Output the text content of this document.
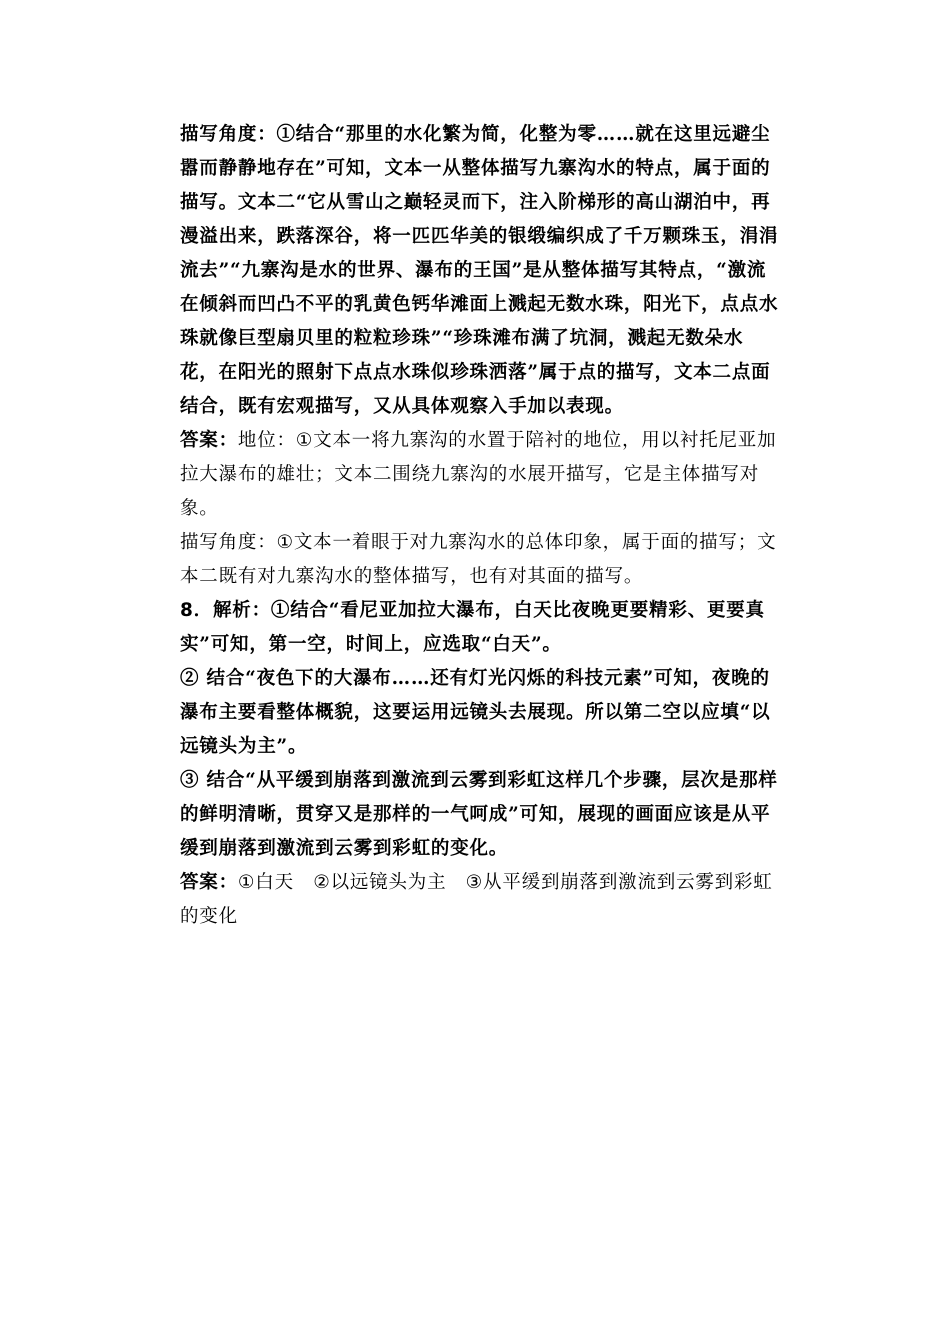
描写角度：①结合“那里的水化繁为简，化整为零……就在这里远避尘嚣而静静地存在”可知，文本一从整体描写九寨沟水的特点，属于面的描写。文本二“它从雪山之巅轻灵而下，注入阶梯形的高山湖泊中，再漫溢出来，跌落深谷，将一匹匹华美的银缎编织成了千万颗珠玉，涓涓流去”“九寨沟是水的世界、瀑布的王国”是从整体描写其特点，“激流在倾斜而凹凸不平的乳黄色钙华滩面上溅起无数水珠，阳光下，点点水珠就像巨型扇贝里的粒粒珍珠”“珍珠滩布满了坑洞，溅起无数朵水花，在阳光的照射下点点水珠似珍珠洒落”属于点的描写，文本二点面结合，既有宏观描写，又从具体观察入手加以表现。

答案：地位：①文本一将九寨沟的水置于陪衬的地位，用以衬托尼亚加拉大瀑布的雄壮；文本二围绕九寨沟的水展开描写，它是主体描写对象。

描写角度：①文本一着眼于对九寨沟水的总体印象，属于面的描写；文本二既有对九寨沟水的整体描写，也有对其面的描写。

8．解析：①结合“看尼亚加拉大瀑布，白天比夜晚更要精彩、更要真实”可知，第一空，时间上，应选取“白天”。

② 结合“夜色下的大瀑布……还有灯光闪烁的科技元素”可知，夜晚的瀑布主要看整体概貌，这要运用远镜头去展现。所以第二空以应填“以远镜头为主”。

③ 结合“从平缓到崩落到激流到云雾到彩虹这样几个步骤，层次是那样的鲜明清晰，贯穿又是那样的一气呵成”可知，展现的画面应该是从平缓到崩落到激流到云雾到彩虹的变化。

答案：①白天　②以远镜头为主　③从平缓到崩落到激流到云雾到彩虹的变化
